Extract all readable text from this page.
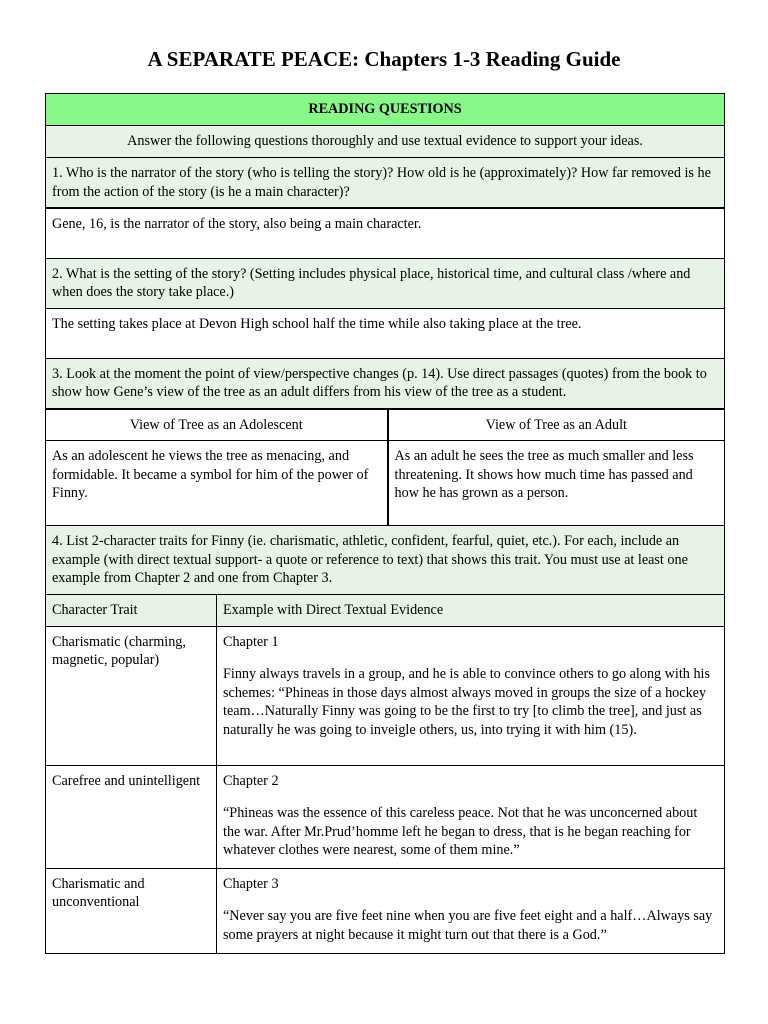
A SEPARATE PEACE: Chapters 1-3 Reading Guide
READING QUESTIONS		
Answer the following questions thoroughly and use textual evidence to support your ideas.		
1. Who is the narrator of the story (who is telling the story)? How old is he (approximately)? How far removed is he from the action of the story (is he a main character)?		
Gene, 16, is the narrator of the story, also being a main character.		
2. What is the setting of the story? (Setting includes physical place, historical time, and cultural class /where and when does the story take place.)		
The setting takes place at Devon High school half the time while also taking place at the tree.		
3. Look at the moment the point of view/perspective changes (p. 14). Use direct passages (quotes) from the book to show how Gene’s view of the tree as an adult differs from his view of the tree as a student.		
View of Tree as an Adolescent		View of Tree as an Adult
As an adolescent he views the tree as menacing, and formidable. It became a symbol for him of the power of Finny.		As an adult he sees the tree as much smaller and less threatening. It shows how much time has passed and how he has grown as a person.
4. List 2-character traits for Finny (ie. charismatic, athletic, confident, fearful, quiet, etc.). For each, include an example (with direct textual support- a quote or reference to text) that shows this trait. You must use at least one example from Chapter 2 and one from Chapter 3.		
Character Trait	Example with Direct Textual Evidence	
Charismatic (charming, magnetic, popular)	Chapter 1
Finny always travels in a group, and he is able to convince others to go along with his schemes: “Phineas in those days almost always moved in groups the size of a hockey team…Naturally Finny was going to be the first to try [to climb the tree], and just as naturally he was going to inveigle others, us, into trying it with him (15).	

Carefree and unintelligent	Chapter 2
“Phineas was the essence of this careless peace. Not that he was unconcerned about the war. After Mr.Prud’homme left he began to dress, that is he began reaching for whatever clothes were nearest, some of them mine.”	

Charismatic and unconventional	Chapter 3
“Never say you are five feet nine when you are five feet eight and a half…Always say some prayers at night because it might turn out that there is a God.”	
